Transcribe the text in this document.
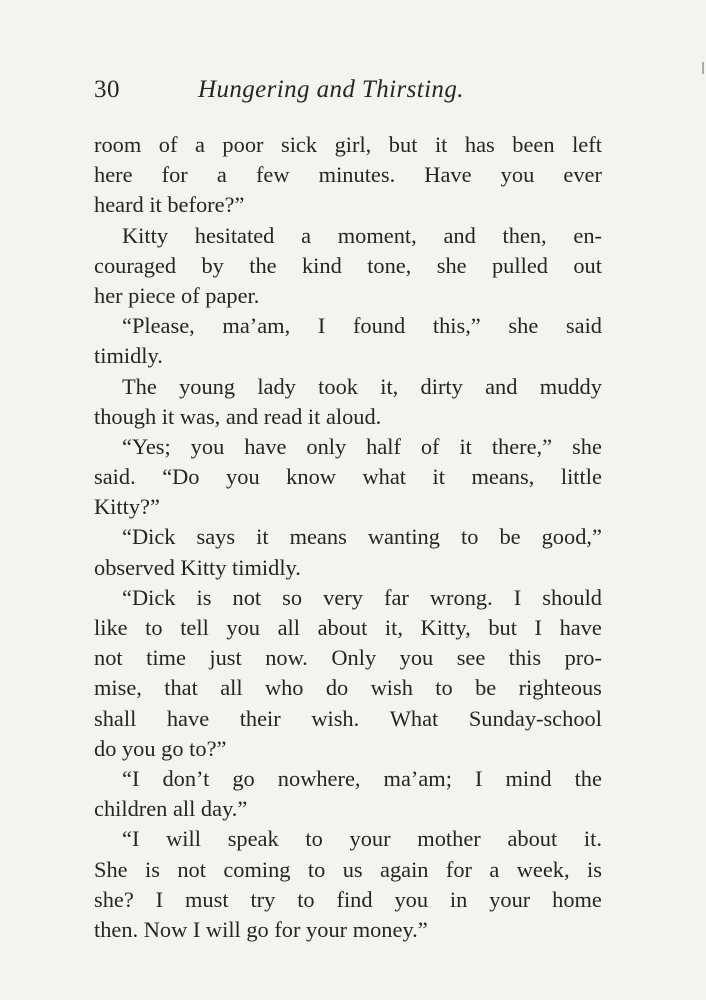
30	Hungering and Thirsting.
room of a poor sick girl, but it has been left
here for a few minutes. Have you ever
heard it before?”
Kitty hesitated a moment, and then, en-
couraged by the kind tone, she pulled out
her piece of paper.
“Please, ma’am, I found this,” she said
timidly.
The young lady took it, dirty and muddy
though it was, and read it aloud.
“Yes; you have only half of it there,” she
said. “Do you know what it means, little
Kitty?”
“Dick says it means wanting to be good,”
observed Kitty timidly.
“Dick is not so very far wrong. I should
like to tell you all about it, Kitty, but I have
not time just now. Only you see this pro-
mise, that all who do wish to be righteous
shall have their wish. What Sunday-school
do you go to?”
“I don’t go nowhere, ma’am; I mind the
children all day.”
“I will speak to your mother about it.
She is not coming to us again for a week, is
she? I must try to find you in your home
then. Now I will go for your money.”
